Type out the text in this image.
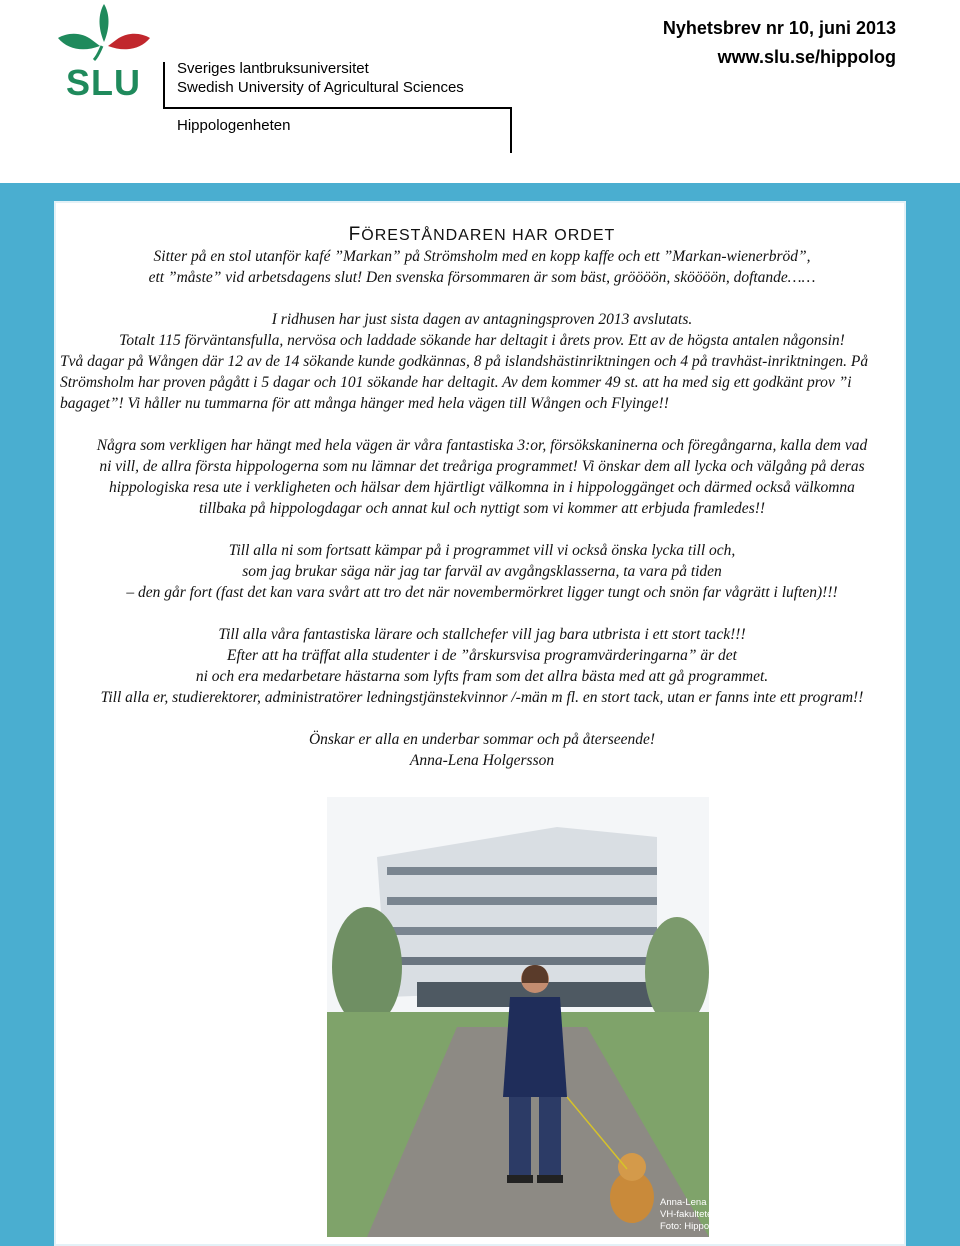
SLU Sveriges lantbruksuniversitet
Swedish University of Agricultural Sciences
Hippologenheten
Nyhetsbrev nr 10, juni 2013
www.slu.se/hippolog
FÖRESTÅNDAREN HAR ORDET

Sitter på en stol utanför kafé ”Markan” på Strömsholm med en kopp kaffe och ett ”Markan-wienerbröd”,

ett ”måste” vid arbetsdagens slut! Den svenska försommaren är som bäst, gröööön, sköööön, doftande……

I ridhusen har just sista dagen av antagningsproven 2013 avslutats.

Totalt 115 förväntansfulla, nervösa och laddade sökande har deltagit i årets prov. Ett av de högsta antalen någonsin!

Två dagar på Wången där 12 av de 14 sökande kunde godkännas, 8 på islandshästinriktningen och 4 på travhäst-inriktningen. På Strömsholm har proven pågått i 5 dagar och 101 sökande har deltagit. Av dem kommer 49 st. att ha med sig ett godkänt prov ”i bagaget”! Vi håller nu tummarna för att många hänger med hela vägen till Wången och Flyinge!!

Några som verkligen har hängt med hela vägen är våra fantastiska 3:or, försökskaninerna och föregångarna, kalla dem vad

ni vill, de allra första hippologerna som nu lämnar det treåriga programmet! Vi önskar dem all lycka och välgång på deras

hippologiska resa ute i verkligheten och hälsar dem hjärtligt välkomna in i hippologgänget och därmed också välkomna

tillbaka på hippologdagar och annat kul och nyttigt som vi kommer att erbjuda framledes!!

Till alla ni som fortsatt kämpar på i programmet vill vi också önska lycka till och,

som jag brukar säga när jag tar farväl av avgångsklasserna, ta vara på tiden

– den går fort (fast det kan vara svårt att tro det när novembermörkret ligger tungt och snön far vågrätt i luften)!!!

Till alla våra fantastiska lärare och stallchefer vill jag bara utbrista i ett stort tack!!!

Efter att ha träffat alla studenter i de ”årskursvisa programvärderingarna” är det

ni och era medarbetare hästarna som lyfts fram som det allra bästa med att gå programmet.

Till alla er, studierektorer, administratörer ledningstjänstekvinnor /-män m fl. en stort tack, utan er fanns inte ett program!!

Önskar er alla en underbar sommar och på återseende!

Anna-Lena Holgersson

Anna-Lena och Tindra utanför det som kommer att bli
VH-fakultetens nya arbetsplats.
Foto: Hippologenheten
